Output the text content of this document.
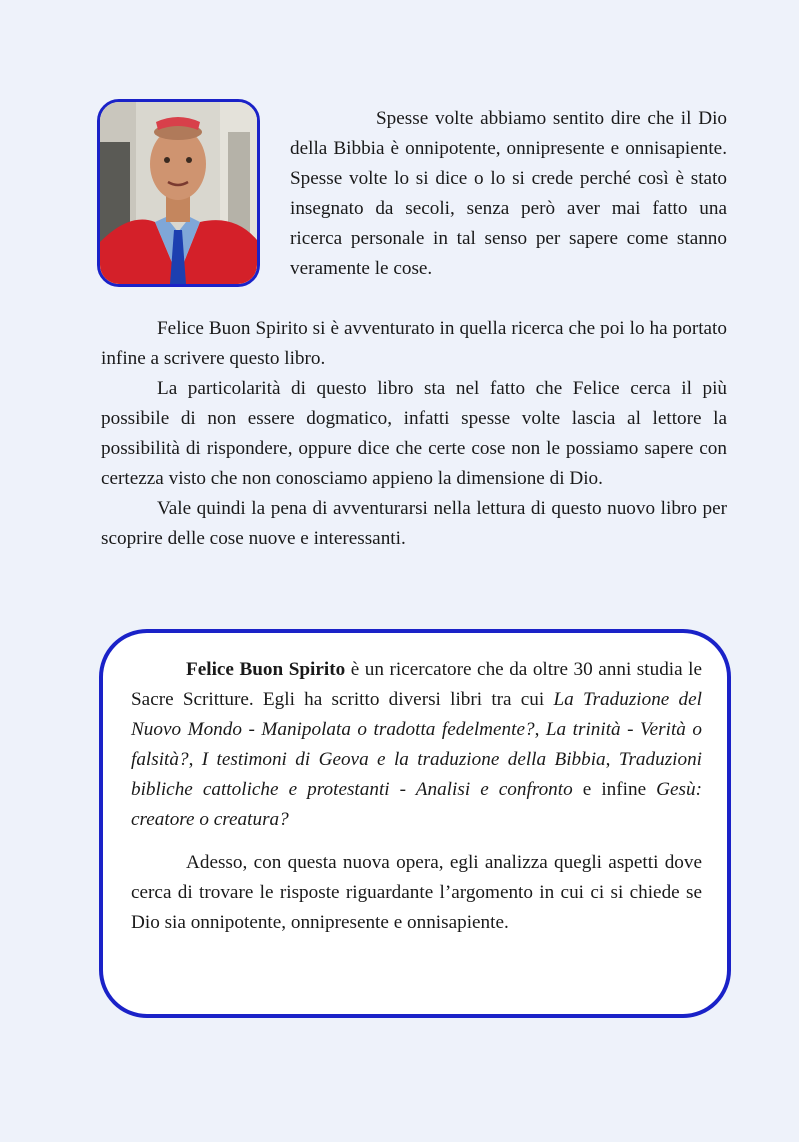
Spesse volte abbiamo sentito dire che il Dio della Bibbia è onnipotente, onnipresente e onnisapiente. Spesse volte lo si dice o lo si crede perché così è stato insegnato da secoli, senza però aver mai fatto una ricerca personale in tal senso per sapere come stanno veramente le cose.

Felice Buon Spirito si è avventurato in quella ricerca che poi lo ha portato infine a scrivere questo libro.

La particolarità di questo libro sta nel fatto che Felice cerca il più possibile di non essere dogmatico, infatti spesse volte lascia al lettore la possibilità di rispondere, oppure dice che certe cose non le possiamo sapere con certezza visto che non conosciamo appieno la dimensione di Dio.

Vale quindi la pena di avventurarsi nella lettura di questo nuovo libro per scoprire delle cose nuove e interessanti.

Felice Buon Spirito è un ricercatore che da oltre 30 anni studia le Sacre Scritture. Egli ha scritto diversi libri tra cui La Traduzione del Nuovo Mondo - Manipolata o tradotta fedelmente?, La trinità - Verità o falsità?, I testimoni di Geova e la traduzione della Bibbia, Traduzioni bibliche cattoliche e protestanti - Analisi e confronto e infine Gesù: creatore o creatura?

Adesso, con questa nuova opera, egli analizza quegli aspetti dove cerca di trovare le risposte riguardante l’argomento in cui ci si chiede se Dio sia onnipotente, onnipresente e onnisapiente.
